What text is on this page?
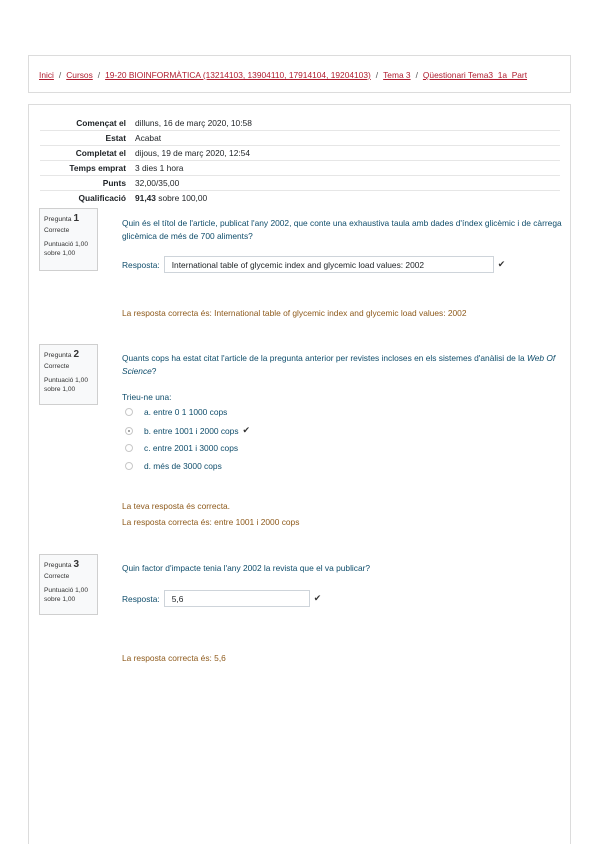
Inici / Cursos / 19-20 BIOINFORMÀTICA (13214103, 13904110, 17914104, 19204103) / Tema 3 / Qüestionari Tema3_1a_Part
Començat el	dilluns, 16 de març 2020, 10:58
Estat	Acabat
Completat el	dijous, 19 de març 2020, 12:54
Temps emprat	3 dies 1 hora
Punts	32,00/35,00
Qualificació	91,43 sobre 100,00
Pregunta 1
Correcte
Puntuació 1,00
sobre 1,00
Quin és el títol de l'article, publicat l'any 2002, que conte una exhaustiva taula amb dades d'índex glicèmic i de càrrega glicèmica de més de 700 aliments?
Resposta:	International table of glycemic index and glycemic load values: 2002	✔
La resposta correcta és: International table of glycemic index and glycemic load values: 2002
Pregunta 2
Correcte
Puntuació 1,00
sobre 1,00
Quants cops ha estat citat l'article de la pregunta anterior per revistes incloses en els sistemes d'anàlisi de la Web Of Science?
Trieu-ne una:
a. entre 0 1 1000 cops
b. entre 1001 i 2000 cops ✔
c. entre 2001 i 3000 cops
d. més de 3000 cops
La teva resposta és correcta.
La resposta correcta és: entre 1001 i 2000 cops
Pregunta 3
Correcte
Puntuació 1,00
sobre 1,00
Quin factor d'impacte tenia l'any 2002 la revista que el va publicar?
Resposta:	5,6	✔
La resposta correcta és: 5,6
